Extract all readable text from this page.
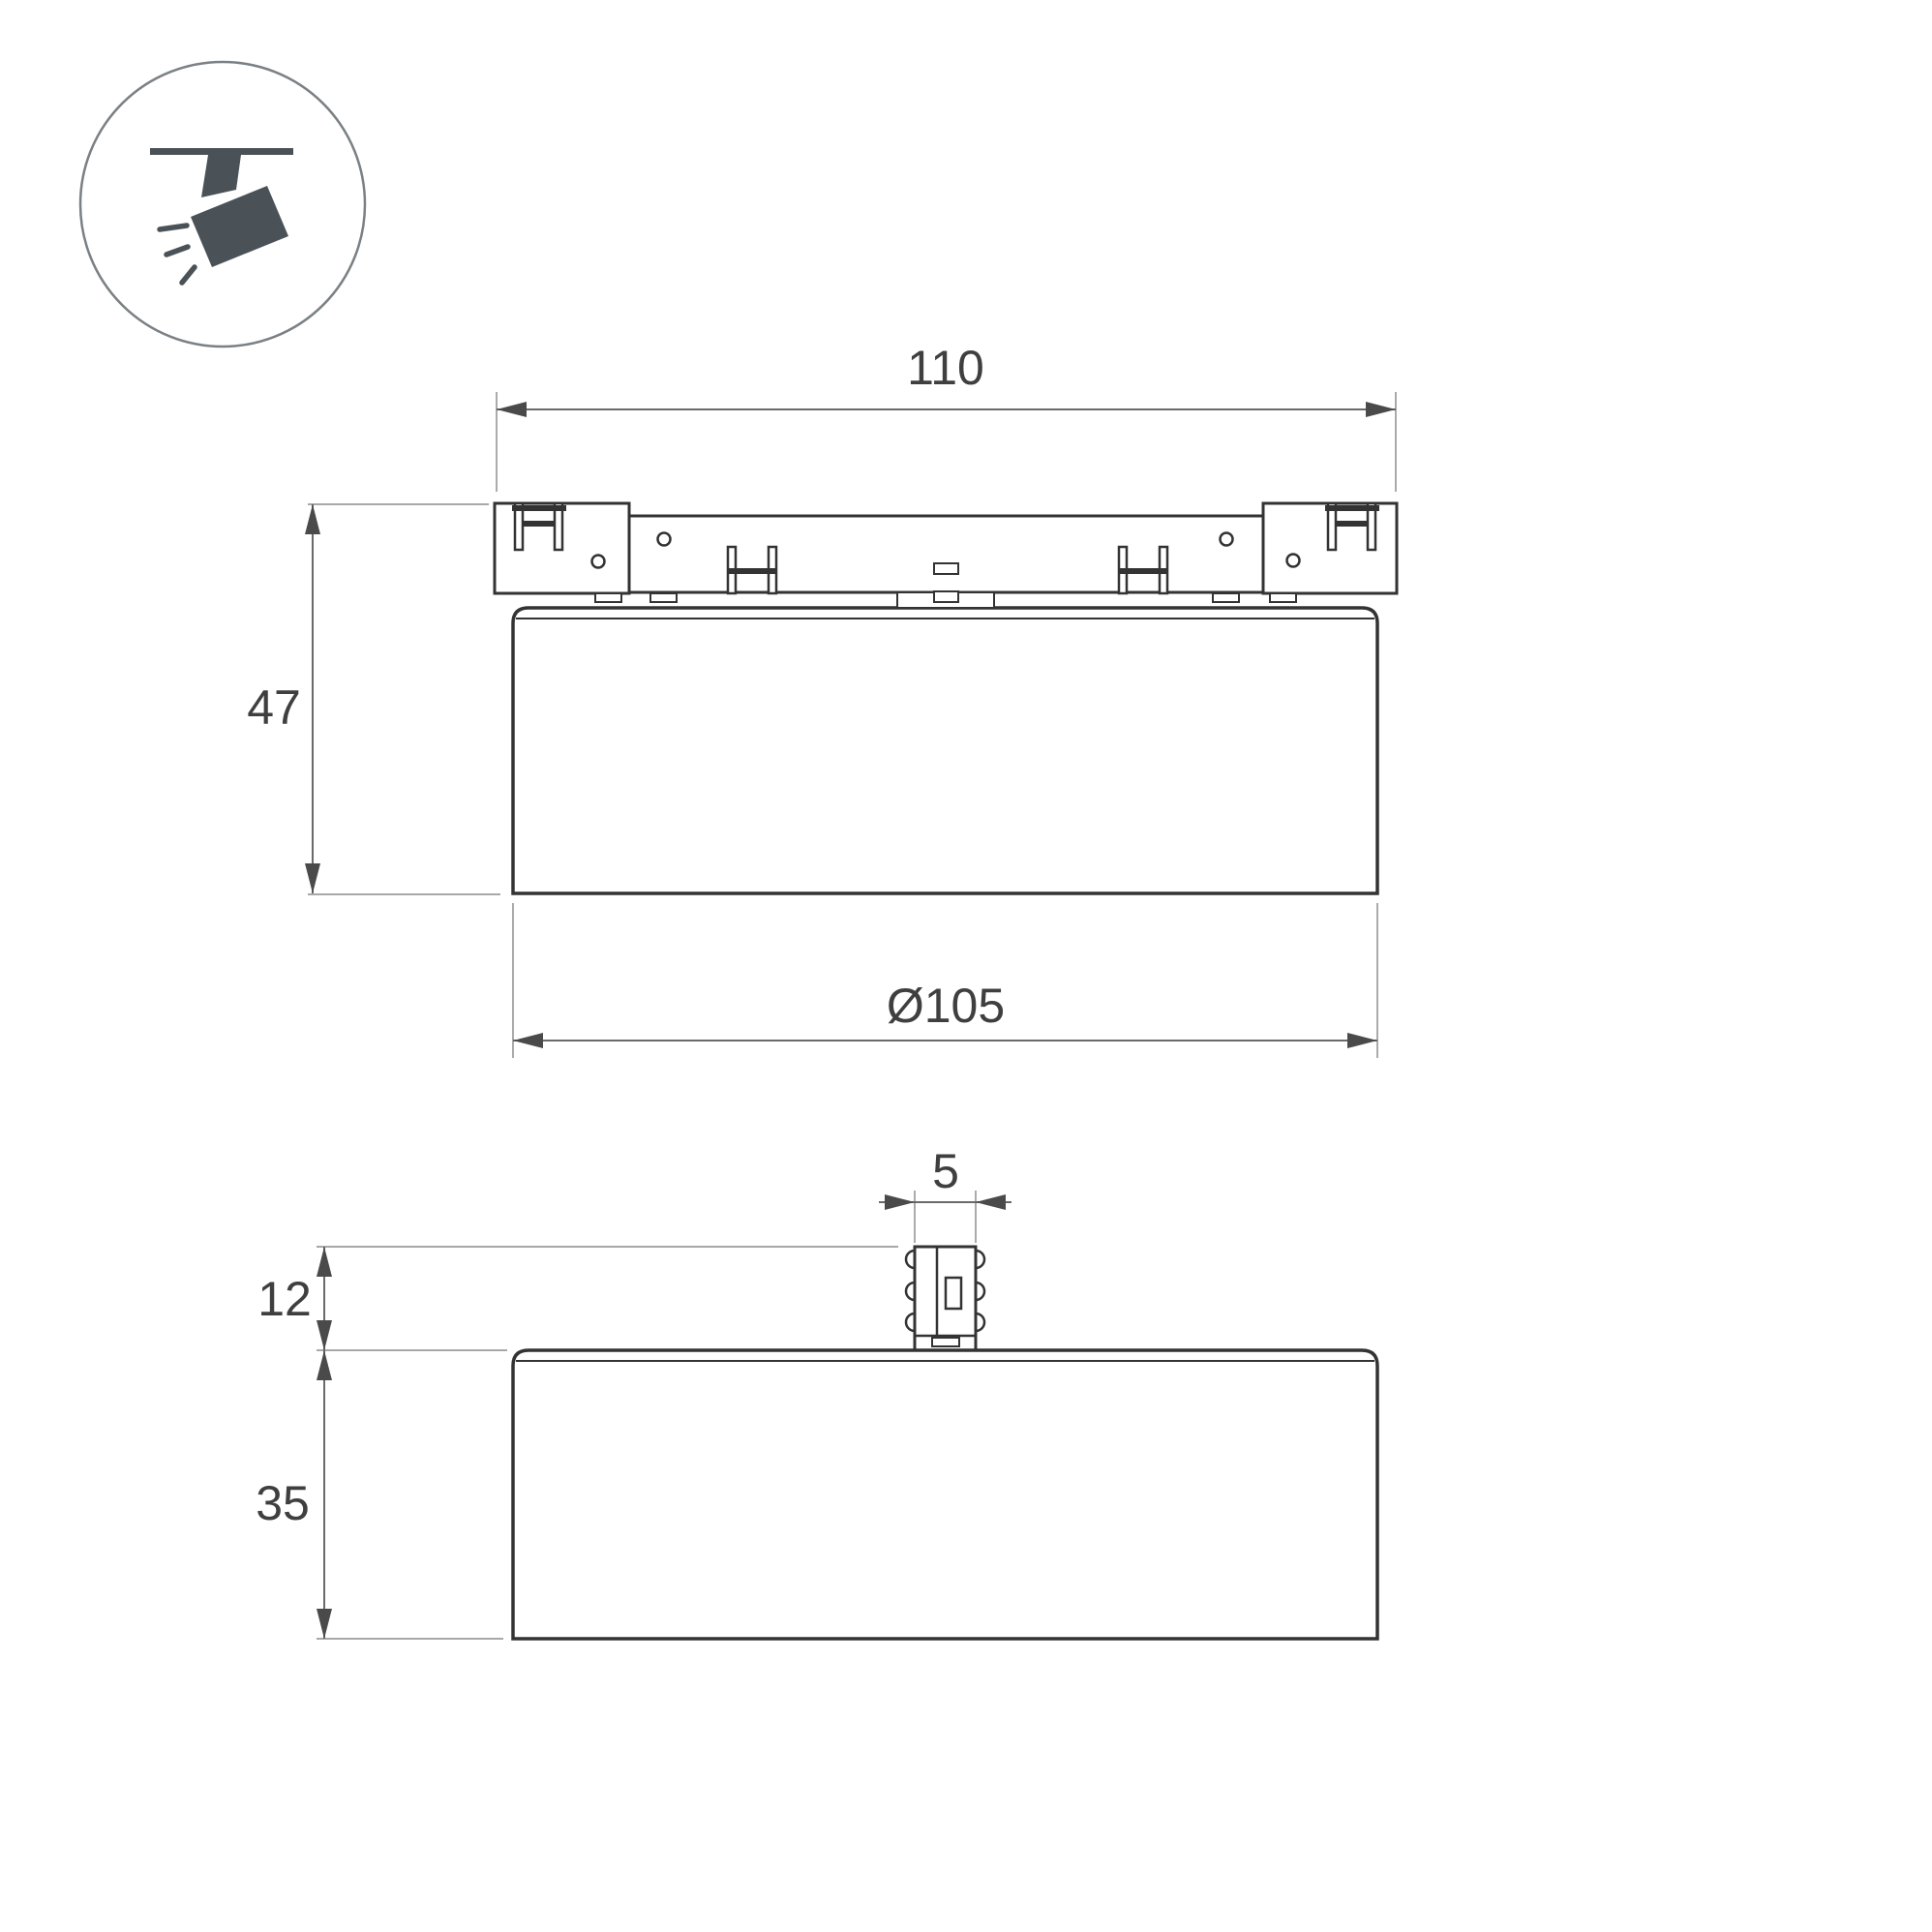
110
47
Ø105
5
12
35
